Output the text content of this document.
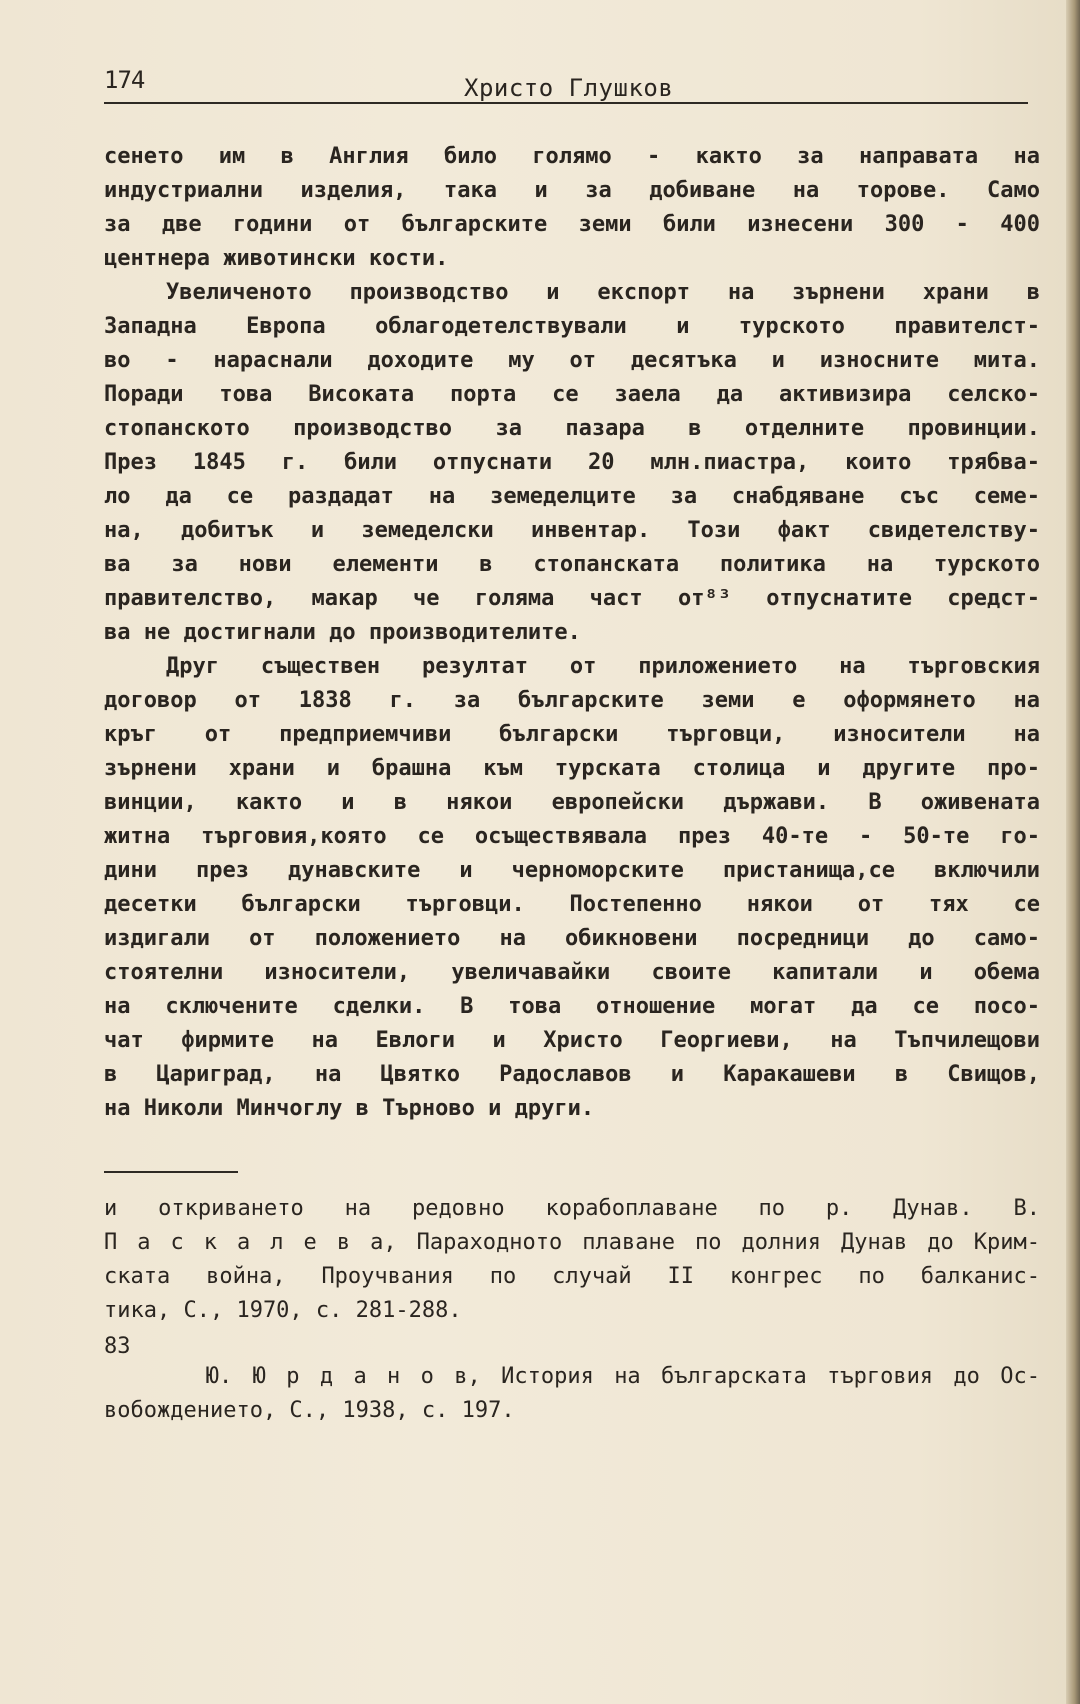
174	Христо Глушков
сенето им в Англия било голямо - както за направата на
индустриални изделия, така и за добиване на торове. Само
за две години от българските земи били изнесени 300 - 400
центнера животински кости.
Увеличеното производство и експорт на зърнени храни в
Западна Европа облагодетелствували и турското правителст-
во - нараснали доходите му от десятъка и износните мита.
Поради това Високата порта се заела да активизира селско-
стопанското производство за пазара в отделните провинции.
През 1845 г. били отпуснати 20 млн.пиастра, които трябва-
ло да се раздадат на земеделците за снабдяване със семе-
на, добитък и земеделски инвентар. Този факт свидетелству-
ва за нови елементи в стопанската политика на турското
правителство, макар че голяма част от⁸³ отпуснатите средст-
ва не достигнали до производителите.
Друг съществен резултат от приложението на търговския
договор от 1838 г. за българските земи е оформянето на
кръг от предприемчиви български търговци, износители на
зърнени храни и брашна към турската столица и другите про-
винции, както и в някои европейски държави. В оживената
житна търговия,която се осъществявала през 40-те - 50-те го-
дини през дунавските и черноморските пристанища,се включили
десетки български търговци. Постепенно някои от тях се
издигали от положението на обикновени посредници до само-
стоятелни износители, увеличавайки своите капитали и обема
на сключените сделки. В това отношение могат да се посо-
чат фирмите на Евлоги и Христо Георгиеви, на Тъпчилещови
в Цариград, на Цвятко Радославов и Каракашеви в Свищов,
на Николи Минчоглу в Търново и други.
и откриването на редовно корабоплаване по р. Дунав. В.
П а с к а л е в а, Параходното плаване по долния Дунав до Крим-
ската война, Проучвания по случай II конгрес по балканис-
тика, С., 1970, с. 281-288.
83
Ю. Ю р д а н о в, История на българската търговия до Ос-
вобождението, С., 1938, с. 197.
